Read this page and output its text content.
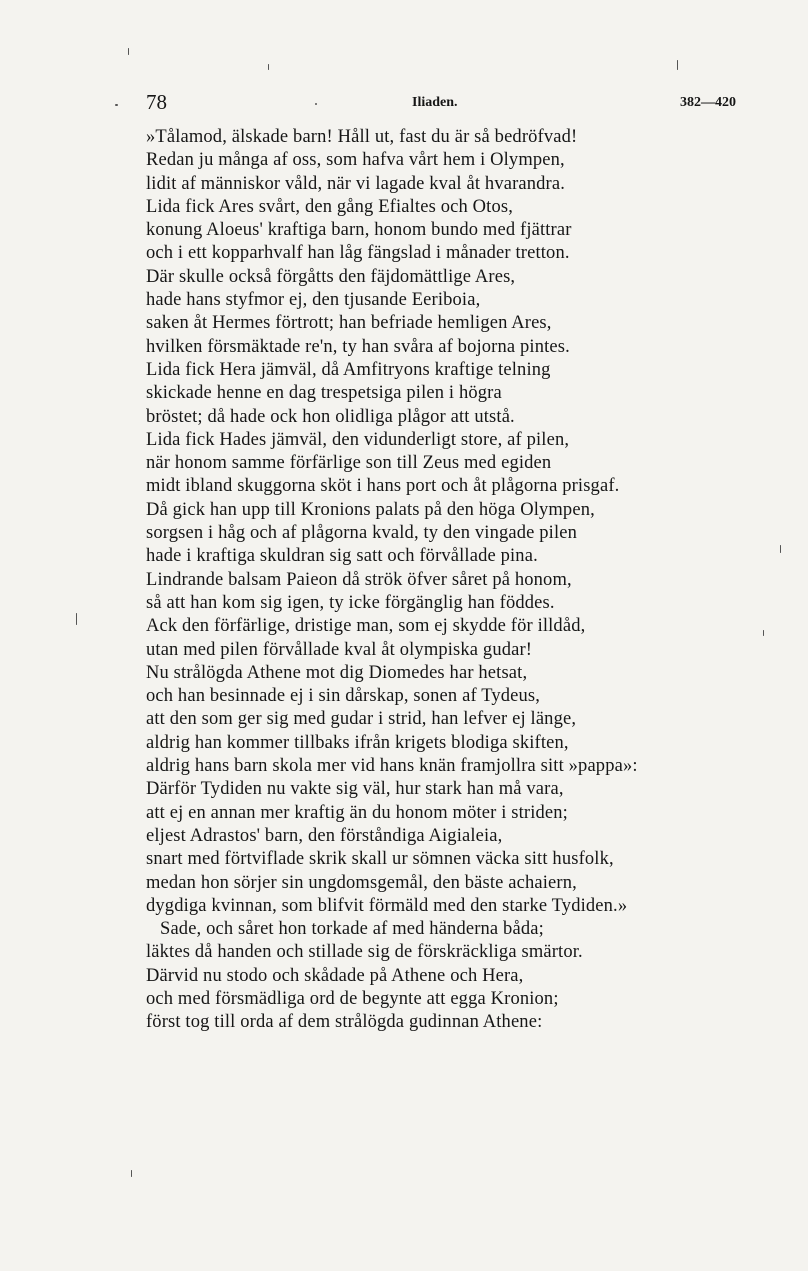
78	Iliaden.	382—420
»Tålamod, älskade barn! Håll ut, fast du är så bedröfvad!
Redan ju många af oss, som hafva vårt hem i Olympen,
lidit af människor våld, när vi lagade kval åt hvarandra.
Lida fick Ares svårt, den gång Efialtes och Otos,
konung Aloeus' kraftiga barn, honom bundo med fjättrar
och i ett kopparhvalf han låg fängslad i månader tretton.
Där skulle också förgåtts den fäjdomättlige Ares,
hade hans styfmor ej, den tjusande Eeriboia,
saken åt Hermes förtrott; han befriade hemligen Ares,
hvilken försmäktade re'n, ty han svåra af bojorna pintes.
Lida fick Hera jämväl, då Amfitryons kraftige telning
skickade henne en dag trespetsiga pilen i högra
bröstet; då hade ock hon olidliga plågor att utstå.
Lida fick Hades jämväl, den vidunderligt store, af pilen,
när honom samme förfärlige son till Zeus med egiden
midt ibland skuggorna sköt i hans port och åt plågorna prisgaf.
Då gick han upp till Kronions palats på den höga Olympen,
sorgsen i håg och af plågorna kvald, ty den vingade pilen
hade i kraftiga skuldran sig satt och förvållade pina.
Lindrande balsam Paieon då strök öfver såret på honom,
så att han kom sig igen, ty icke förgänglig han föddes.
Ack den förfärlige, dristige man, som ej skydde för illdåd,
utan med pilen förvållade kval åt olympiska gudar!
Nu strålögda Athene mot dig Diomedes har hetsat,
och han besinnade ej i sin dårskap, sonen af Tydeus,
att den som ger sig med gudar i strid, han lefver ej länge,
aldrig han kommer tillbaks ifrån krigets blodiga skiften,
aldrig hans barn skola mer vid hans knän framjollra sitt »pappa»:
Därför Tydiden nu vakte sig väl, hur stark han må vara,
att ej en annan mer kraftig än du honom möter i striden;
eljest Adrastos' barn, den förståndiga Aigialeia,
snart med förtviflade skrik skall ur sömnen väcka sitt husfolk,
medan hon sörjer sin ungdomsgemål, den bäste achaiern,
dygdiga kvinnan, som blifvit förmäld med den starke Tydiden.»
Sade, och såret hon torkade af med händerna båda;
läktes då handen och stillade sig de förskräckliga smärtor.
Därvid nu stodo och skådade på Athene och Hera,
och med försmädliga ord de begynte att egga Kronion;
först tog till orda af dem strålögda gudinnan Athene:
